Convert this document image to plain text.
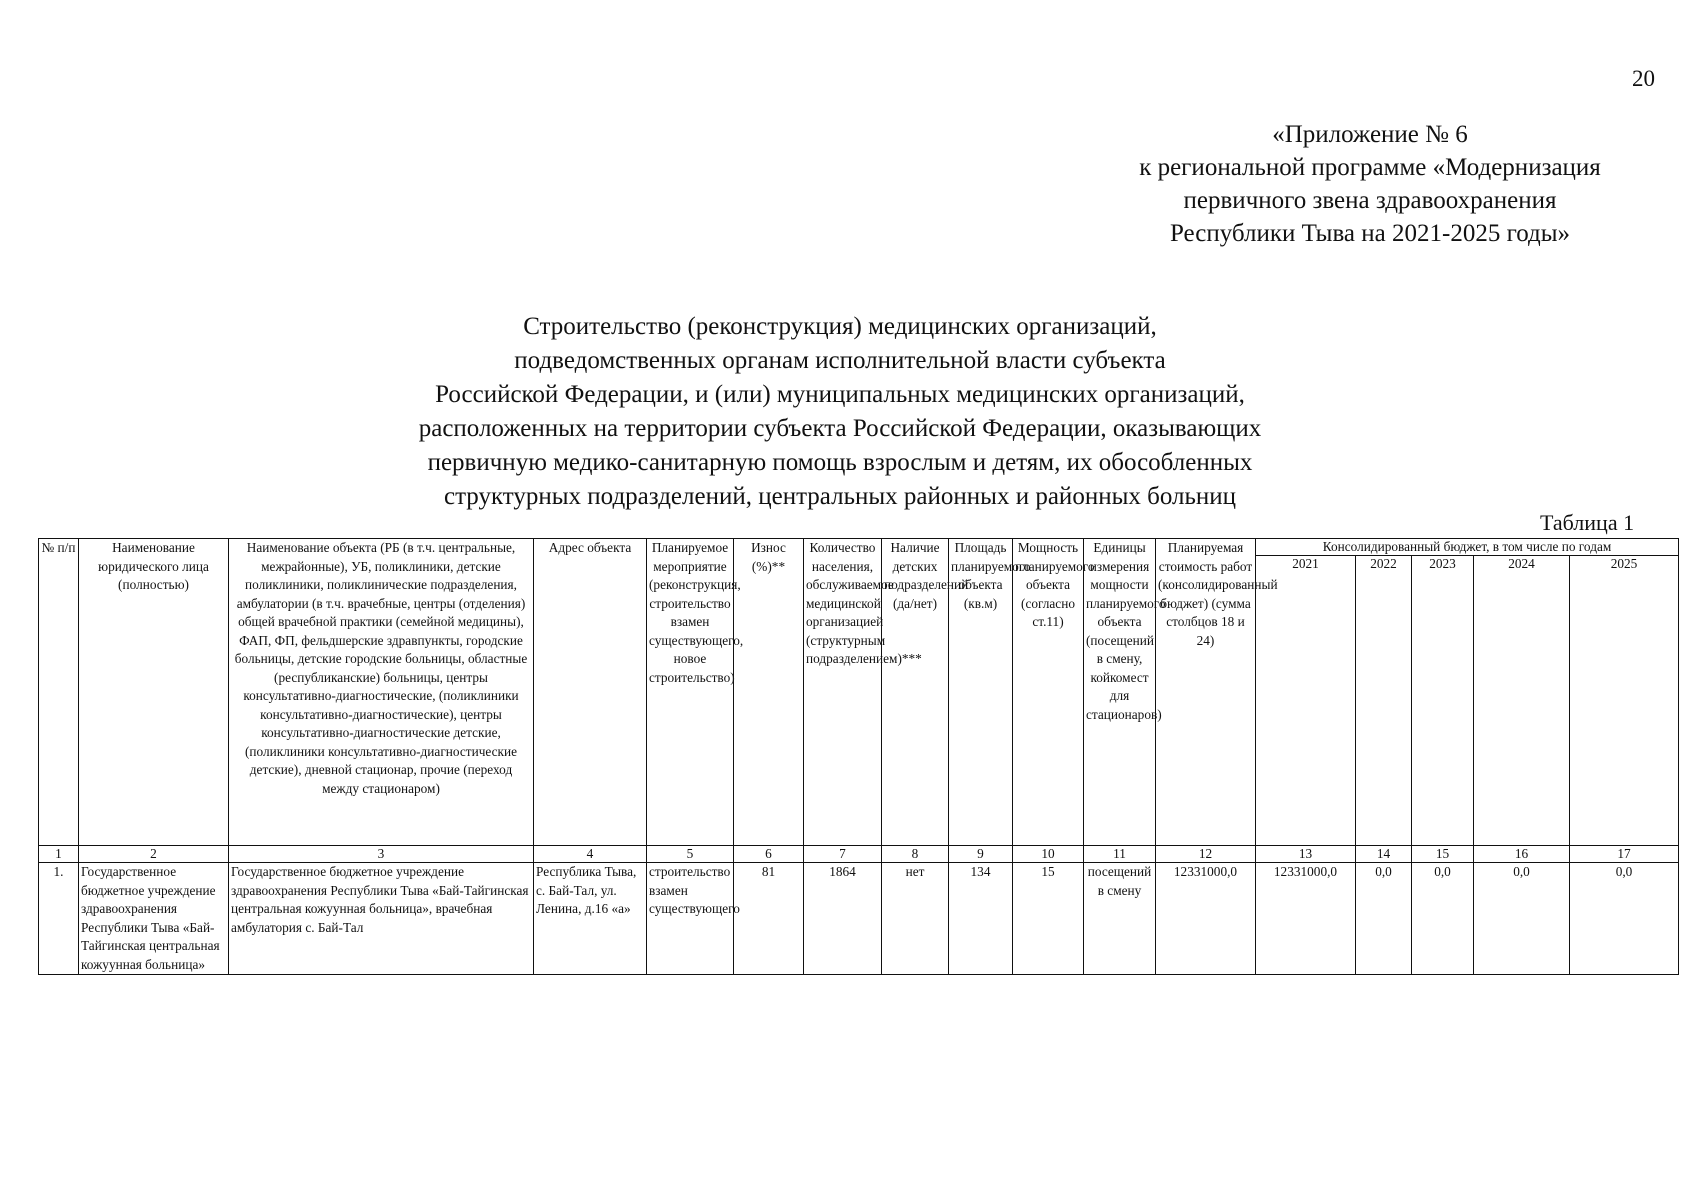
20
«Приложение № 6
к региональной программе «Модернизация
первичного звена здравоохранения
Республики Тыва на 2021-2025 годы»
Строительство (реконструкция) медицинских организаций,
подведомственных органам исполнительной власти субъекта
Российской Федерации, и (или) муниципальных медицинских организаций,
расположенных на территории субъекта Российской Федерации, оказывающих
первичную медико-санитарную помощь взрослым и детям, их обособленных
структурных подразделений, центральных районных и районных больниц
Таблица 1
№ п/п	Наименование юридического лица (полностью)	Наименование объекта (РБ (в т.ч. центральные, межрайонные), УБ, поликлиники, детские поликлиники, поликлинические подразделения, амбулатории (в т.ч. врачебные, центры (отделения) общей врачебной практики (семейной медицины), ФАП, ФП, фельдшерские здравпункты, городские больницы, детские городские больницы, областные (республиканские) больницы, центры консультативно-диагностические, (поликлиники консультативно-диагностические), центры консультативно-диагностические детские, (поликлиники консультативно-диагностические детские), дневной стационар, прочие (переход между стационаром)	Адрес объекта	Планируемое мероприятие (реконструкция, строительство взамен существующего, новое строительство)	Износ (%)**	Количество населения, обслуживаемое медицинской организацией (структурным подразделением)***	Наличие детских подразделений (да/нет)	Площадь планируемого объекта (кв.м)	Мощность планируемого объекта (согласно ст.11)	Единицы измерения мощности планируемого объекта (посещений в смену, койкомест для стационаров)	Планируемая стоимость работ (консолидированный бюджет) (сумма столбцов 18 и 24)	Консолидированный бюджет, в том числе по годам				
												2021	2022	2023	2024	2025
1	2	3	4	5	6	7	8	9	10	11	12	13	14	15	16	17
1.	Государственное бюджетное учреждение здравоохранения Республики Тыва «Бай-Тайгинская центральная кожуунная больница»	Государственное бюджетное учреждение здравоохранения Республики Тыва «Бай-Тайгинская центральная кожуунная больница», врачебная амбулатория с. Бай-Тал	Республика Тыва, с. Бай-Тал, ул. Ленина, д.16 «а»	строительство взамен существующего	81	1864	нет	134	15	посещений в смену	12331000,0	12331000,0	0,0	0,0	0,0	0,0
